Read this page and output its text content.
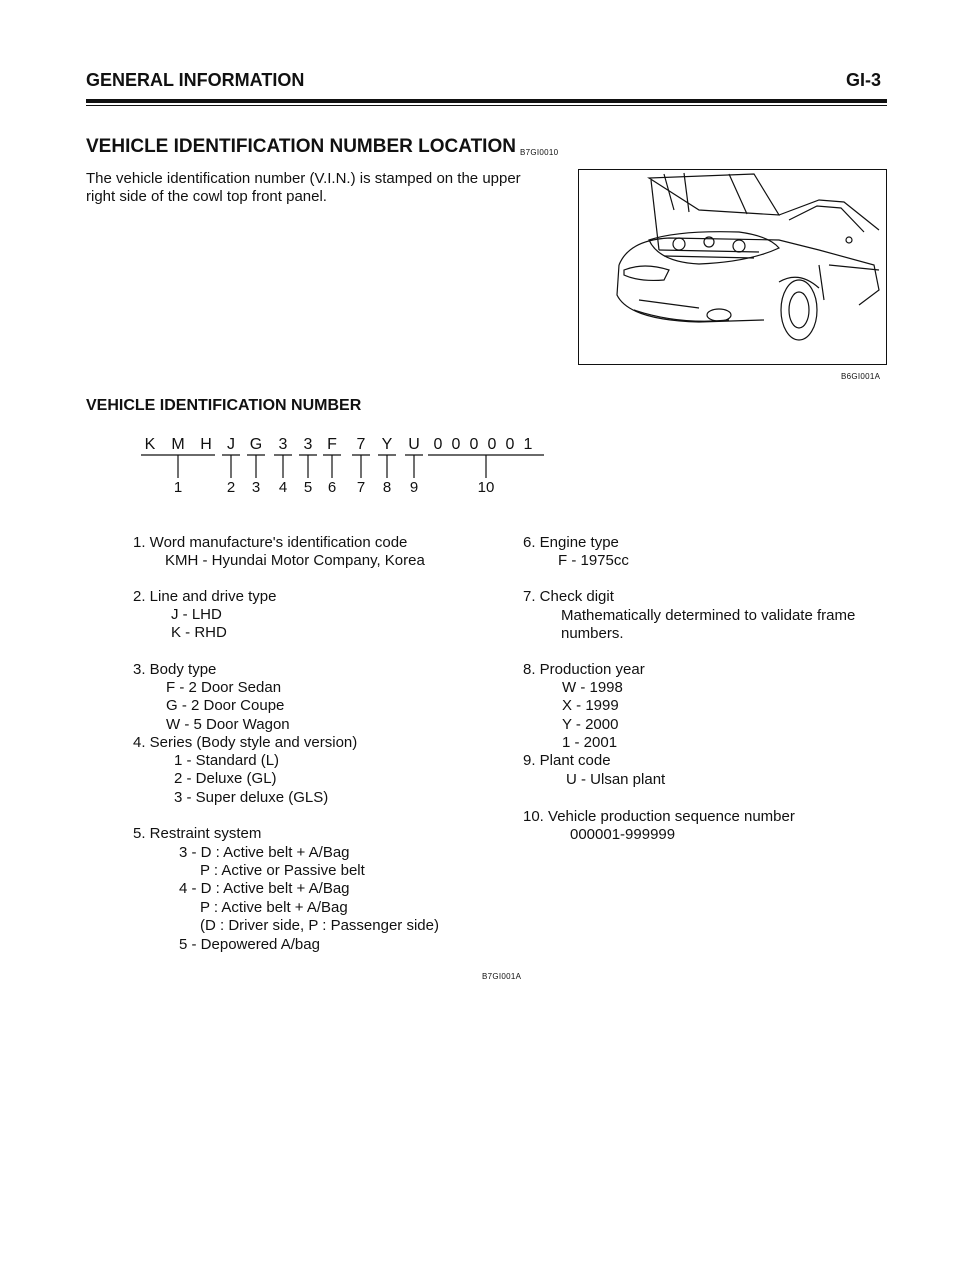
GENERAL INFORMATION	GI-3
VEHICLE IDENTIFICATION NUMBER LOCATION B7GI0010
The vehicle identification number (V.I.N.) is stamped on the upper
right side of the cowl top front panel.
B6GI001A
VEHICLE IDENTIFICATION NUMBER
K M H J G 3 3 F 7 Y U 0 0 0 0 0 1
1	2 3 4 5 6 7 8 9	10
1. Word manufacture's identification code
KMH - Hyundai Motor Company, Korea
2. Line and drive type
J - LHD
K - RHD
3. Body type
F - 2 Door Sedan
G - 2 Door Coupe
W - 5 Door Wagon
4. Series (Body style and version)
1 - Standard (L)
2 - Deluxe (GL)
3 - Super deluxe (GLS)
5. Restraint system
3 - D : Active belt + A/Bag
P : Active or Passive belt
4 - D : Active belt + A/Bag
P : Active belt + A/Bag
(D : Driver side, P : Passenger side)
5 - Depowered A/bag
6. Engine type
F - 1975cc
7. Check digit
Mathematically determined to validate frame
numbers.
8. Production year
W - 1998
X - 1999
Y - 2000
1 - 2001
9. Plant code
U - Ulsan plant
10. Vehicle production sequence number
000001-999999
B7GI001A
